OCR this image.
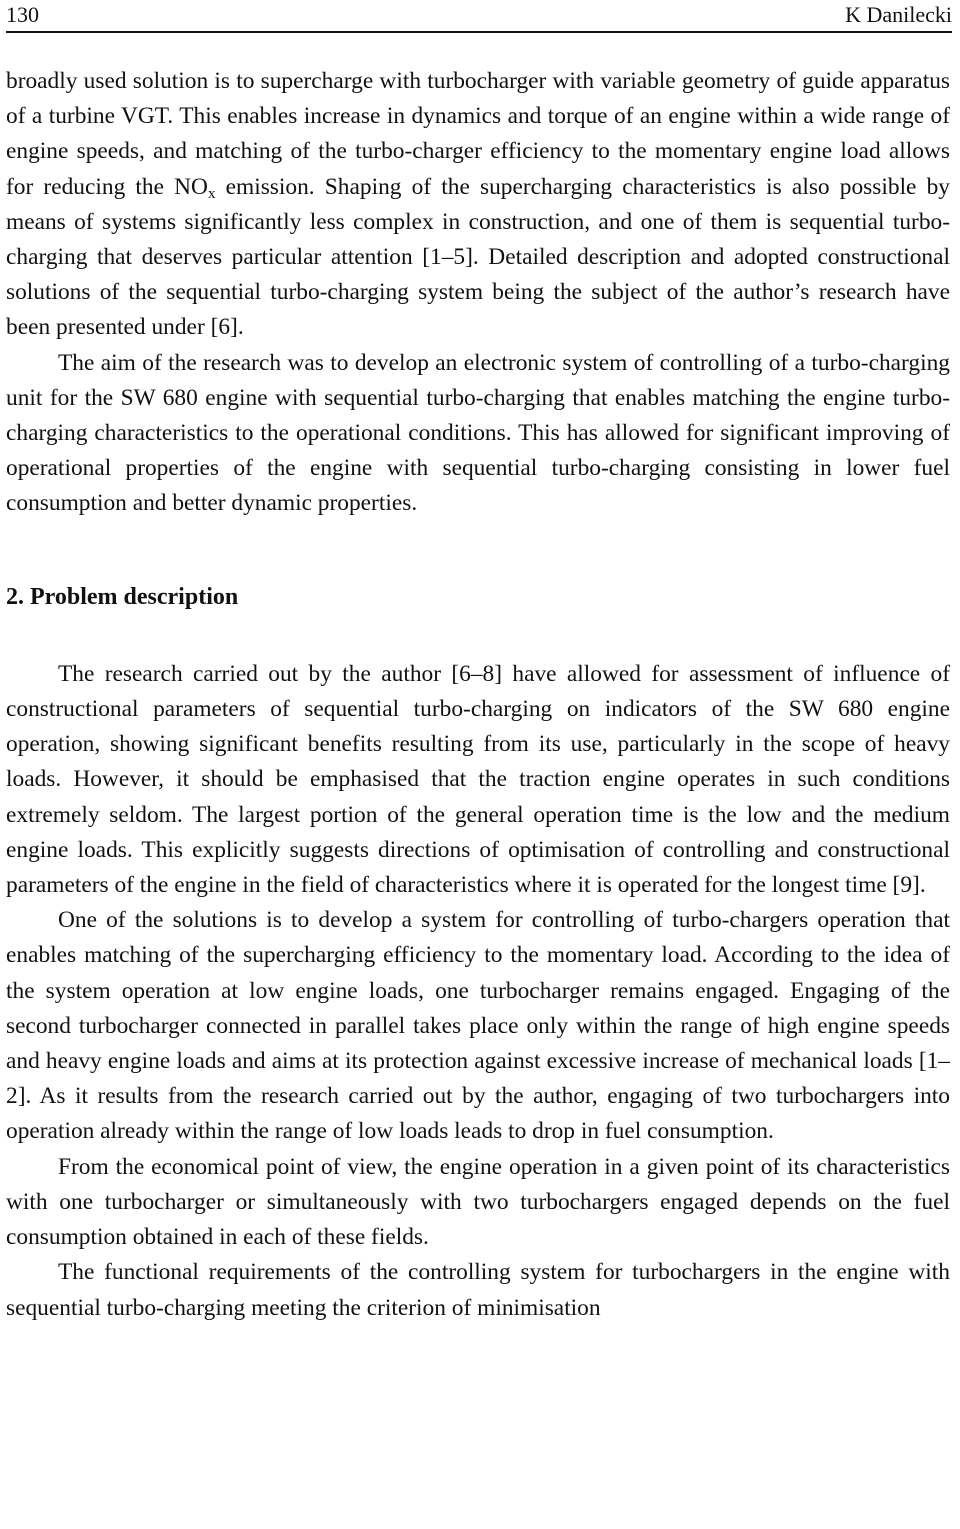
130	K Danilecki

broadly used solution is to supercharge with turbocharger with variable geometry of guide apparatus of a turbine VGT. This enables increase in dynamics and torque of an engine within a wide range of engine speeds, and matching of the turbo-charger efficiency to the momentary engine load allows for reducing the $NO_x$ emission. Shaping of the supercharging characteristics is also possible by means of systems significantly less complex in construction, and one of them is sequential turbo-charging that deserves particular attention [1–5]. Detailed description and adopted constructional solutions of the sequential turbo-charging system being the subject of the author’s research have been presented under [6].

The aim of the research was to develop an electronic system of controlling of a turbo-charging unit for the SW 680 engine with sequential turbo-charging that enables matching the engine turbo-charging characteristics to the operational conditions. This has allowed for significant improving of operational properties of the engine with sequential turbo-charging consisting in lower fuel consumption and better dynamic properties.

2. Problem description

The research carried out by the author [6–8] have allowed for assessment of influence of constructional parameters of sequential turbo-charging on indicators of the SW 680 engine operation, showing significant benefits resulting from its use, particularly in the scope of heavy loads. However, it should be emphasised that the traction engine operates in such conditions extremely seldom. The largest portion of the general operation time is the low and the medium engine loads. This explicitly suggests directions of optimisation of controlling and constructional parameters of the engine in the field of characteristics where it is operated for the longest time [9].

One of the solutions is to develop a system for controlling of turbo-chargers operation that enables matching of the supercharging efficiency to the momentary load. According to the idea of the system operation at low engine loads, one turbocharger remains engaged. Engaging of the second turbocharger connected in parallel takes place only within the range of high engine speeds and heavy engine loads and aims at its protection against excessive increase of mechanical loads [1–2]. As it results from the research carried out by the author, engaging of two turbochargers into operation already within the range of low loads leads to drop in fuel consumption.

From the economical point of view, the engine operation in a given point of its characteristics with one turbocharger or simultaneously with two turbochargers engaged depends on the fuel consumption obtained in each of these fields.

The functional requirements of the controlling system for turbochargers in the engine with sequential turbo-charging meeting the criterion of minimisation
